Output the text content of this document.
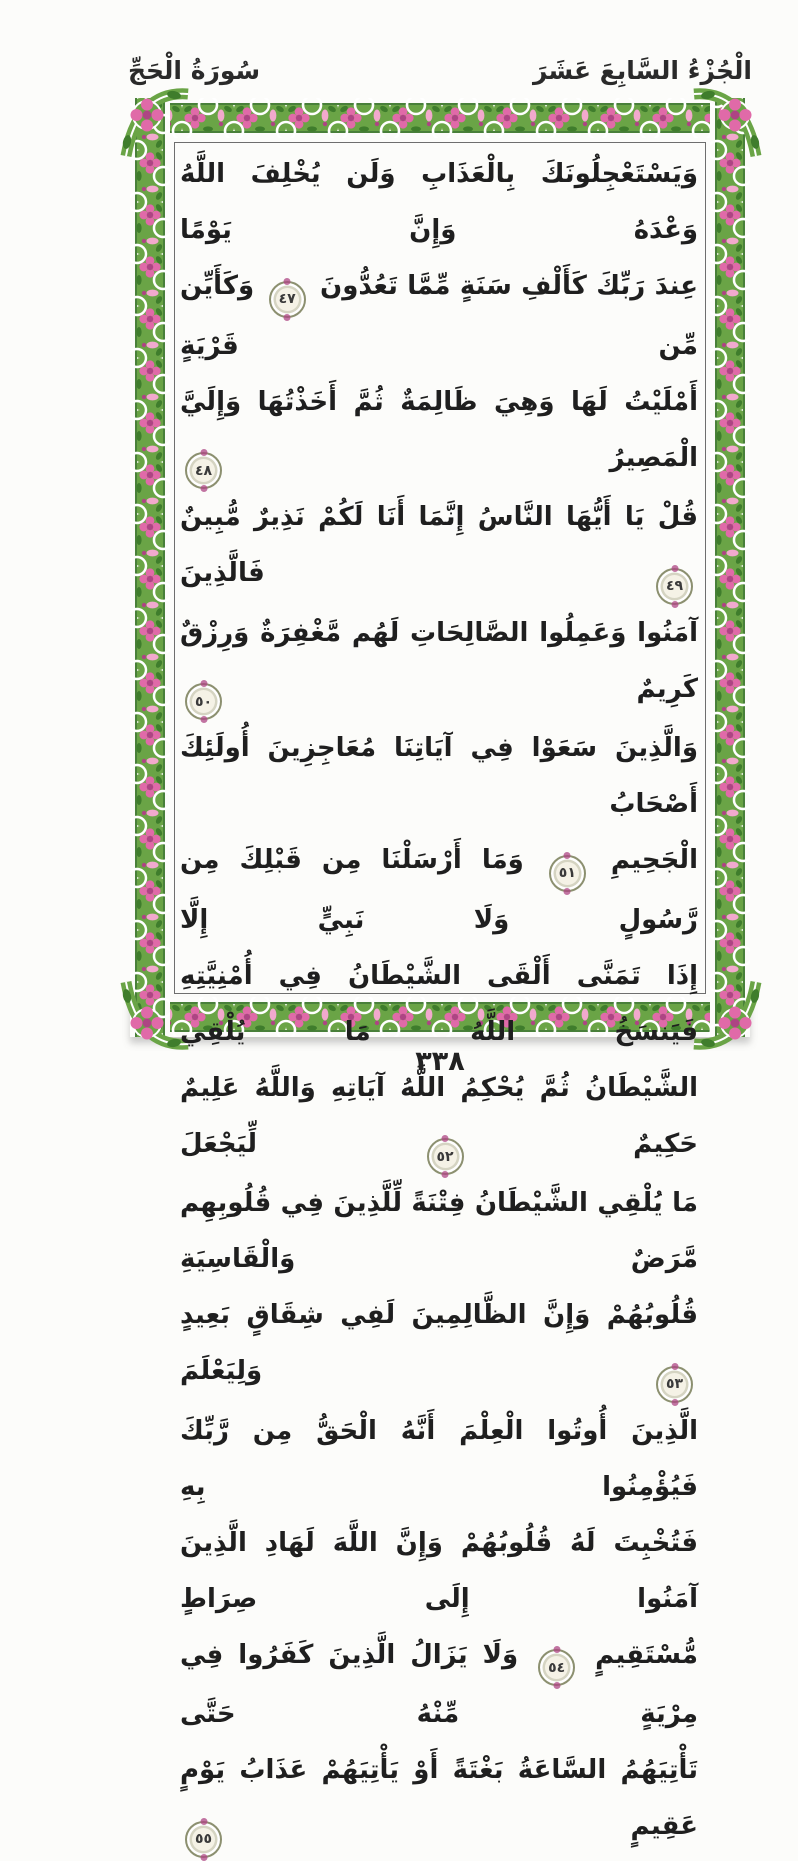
الْجُزْءُ السَّابِعَ عَشَرَ
سُورَةُ الْحَجِّ
وَيَسْتَعْجِلُونَكَ بِالْعَذَابِ وَلَن يُخْلِفَ اللَّهُ وَعْدَهُ وَإِنَّ يَوْمًا
عِندَ رَبِّكَ كَأَلْفِ سَنَةٍ مِّمَّا تَعُدُّونَ ٤٧ وَكَأَيِّن مِّن قَرْيَةٍ
أَمْلَيْتُ لَهَا وَهِيَ ظَالِمَةٌ ثُمَّ أَخَذْتُهَا وَإِلَيَّ الْمَصِيرُ ٤٨
قُلْ يَا أَيُّهَا النَّاسُ إِنَّمَا أَنَا لَكُمْ نَذِيرٌ مُّبِينٌ ٤٩ فَالَّذِينَ
آمَنُوا وَعَمِلُوا الصَّالِحَاتِ لَهُم مَّغْفِرَةٌ وَرِزْقٌ كَرِيمٌ ٥٠
وَالَّذِينَ سَعَوْا فِي آيَاتِنَا مُعَاجِزِينَ أُولَئِكَ أَصْحَابُ
الْجَحِيمِ ٥١ وَمَا أَرْسَلْنَا مِن قَبْلِكَ مِن رَّسُولٍ وَلَا نَبِيٍّ إِلَّا
إِذَا تَمَنَّى أَلْقَى الشَّيْطَانُ فِي أُمْنِيَّتِهِ فَيَنسَخُ اللَّهُ مَا يُلْقِي
الشَّيْطَانُ ثُمَّ يُحْكِمُ اللَّهُ آيَاتِهِ وَاللَّهُ عَلِيمٌ حَكِيمٌ ٥٢ لِّيَجْعَلَ
مَا يُلْقِي الشَّيْطَانُ فِتْنَةً لِّلَّذِينَ فِي قُلُوبِهِم مَّرَضٌ وَالْقَاسِيَةِ
قُلُوبُهُمْ وَإِنَّ الظَّالِمِينَ لَفِي شِقَاقٍ بَعِيدٍ ٥٣ وَلِيَعْلَمَ
الَّذِينَ أُوتُوا الْعِلْمَ أَنَّهُ الْحَقُّ مِن رَّبِّكَ فَيُؤْمِنُوا بِهِ
فَتُخْبِتَ لَهُ قُلُوبُهُمْ وَإِنَّ اللَّهَ لَهَادِ الَّذِينَ آمَنُوا إِلَى صِرَاطٍ
مُّسْتَقِيمٍ ٥٤ وَلَا يَزَالُ الَّذِينَ كَفَرُوا فِي مِرْيَةٍ مِّنْهُ حَتَّى
تَأْتِيَهُمُ السَّاعَةُ بَغْتَةً أَوْ يَأْتِيَهُمْ عَذَابُ يَوْمٍ عَقِيمٍ ٥٥
٣٣٨
